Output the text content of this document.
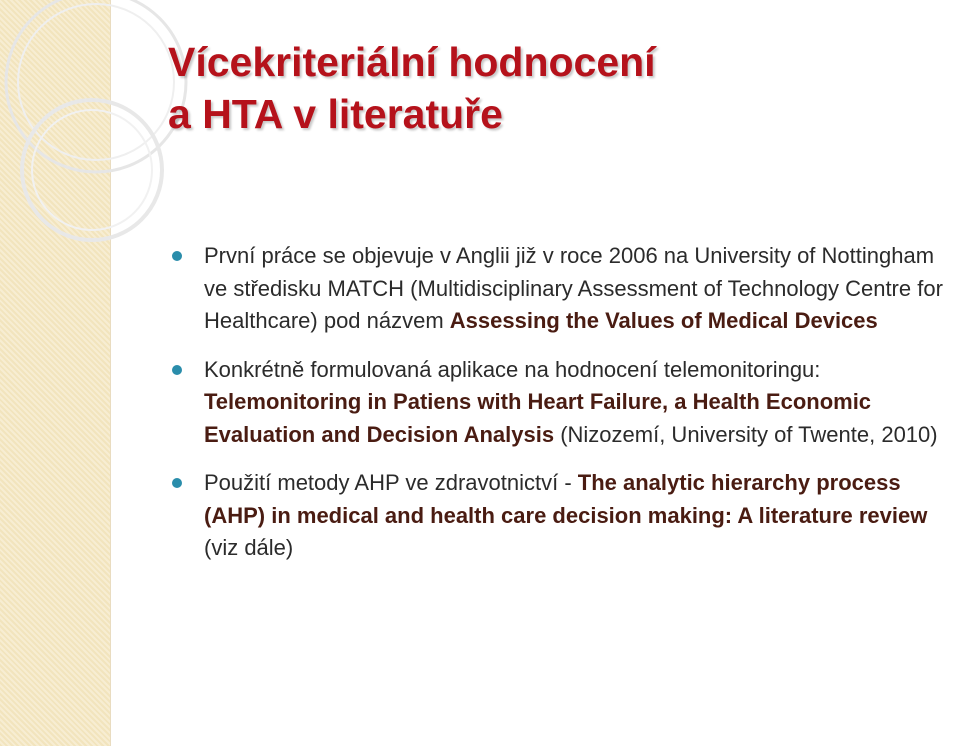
Vícekriteriální hodnocení
a HTA v literatuře
První práce se objevuje v Anglii již v roce 2006 na University of Nottingham ve středisku MATCH (Multidisciplinary Assessment of Technology Centre for Healthcare) pod názvem Assessing the Values of Medical Devices
Konkrétně formulovaná aplikace na hodnocení telemonitoringu: Telemonitoring in Patiens with Heart Failure, a Health Economic Evaluation and Decision Analysis (Nizozemí, University of Twente, 2010)
Použití metody AHP ve zdravotnictví - The analytic hierarchy process (AHP) in medical and health care decision making: A literature review (viz dále)
